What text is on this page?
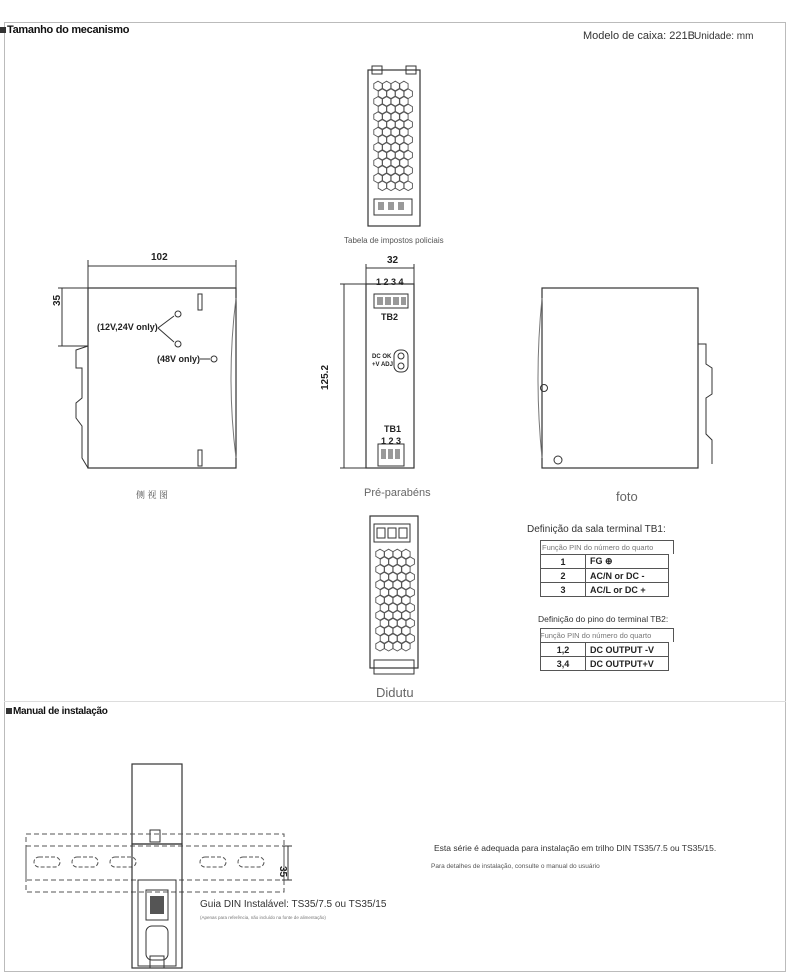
Tamanho do mecanismo	Modelo de caixa: 221B Unidade: mm
Tabela de impostos policiais
102
35
(12V,24V only)
(48V only)
侧 视 图
32
1 2 3 4
TB2
DC OK
+V ADJ
TB1
1 2 3
125.2
Pré-parabéns	foto
Didutu
Definição da sala terminal TB1:
Função PIN do número do quarto
1	FG ⊕
2	AC/N or DC -
3	AC/L or DC +
Definição do pino do terminal TB2:
Função PIN do número do quarto
1,2	DC OUTPUT -V
3,4	DC OUTPUT+V
Manual de instalação
35
Guia DIN Instalável: TS35/7.5 ou TS35/15
(Apenas para referência, não incluído na fonte de alimentação)
Esta série é adequada para instalação em trilho DIN TS35/7.5 ou TS35/15.
Para detalhes de instalação, consulte o manual do usuário
